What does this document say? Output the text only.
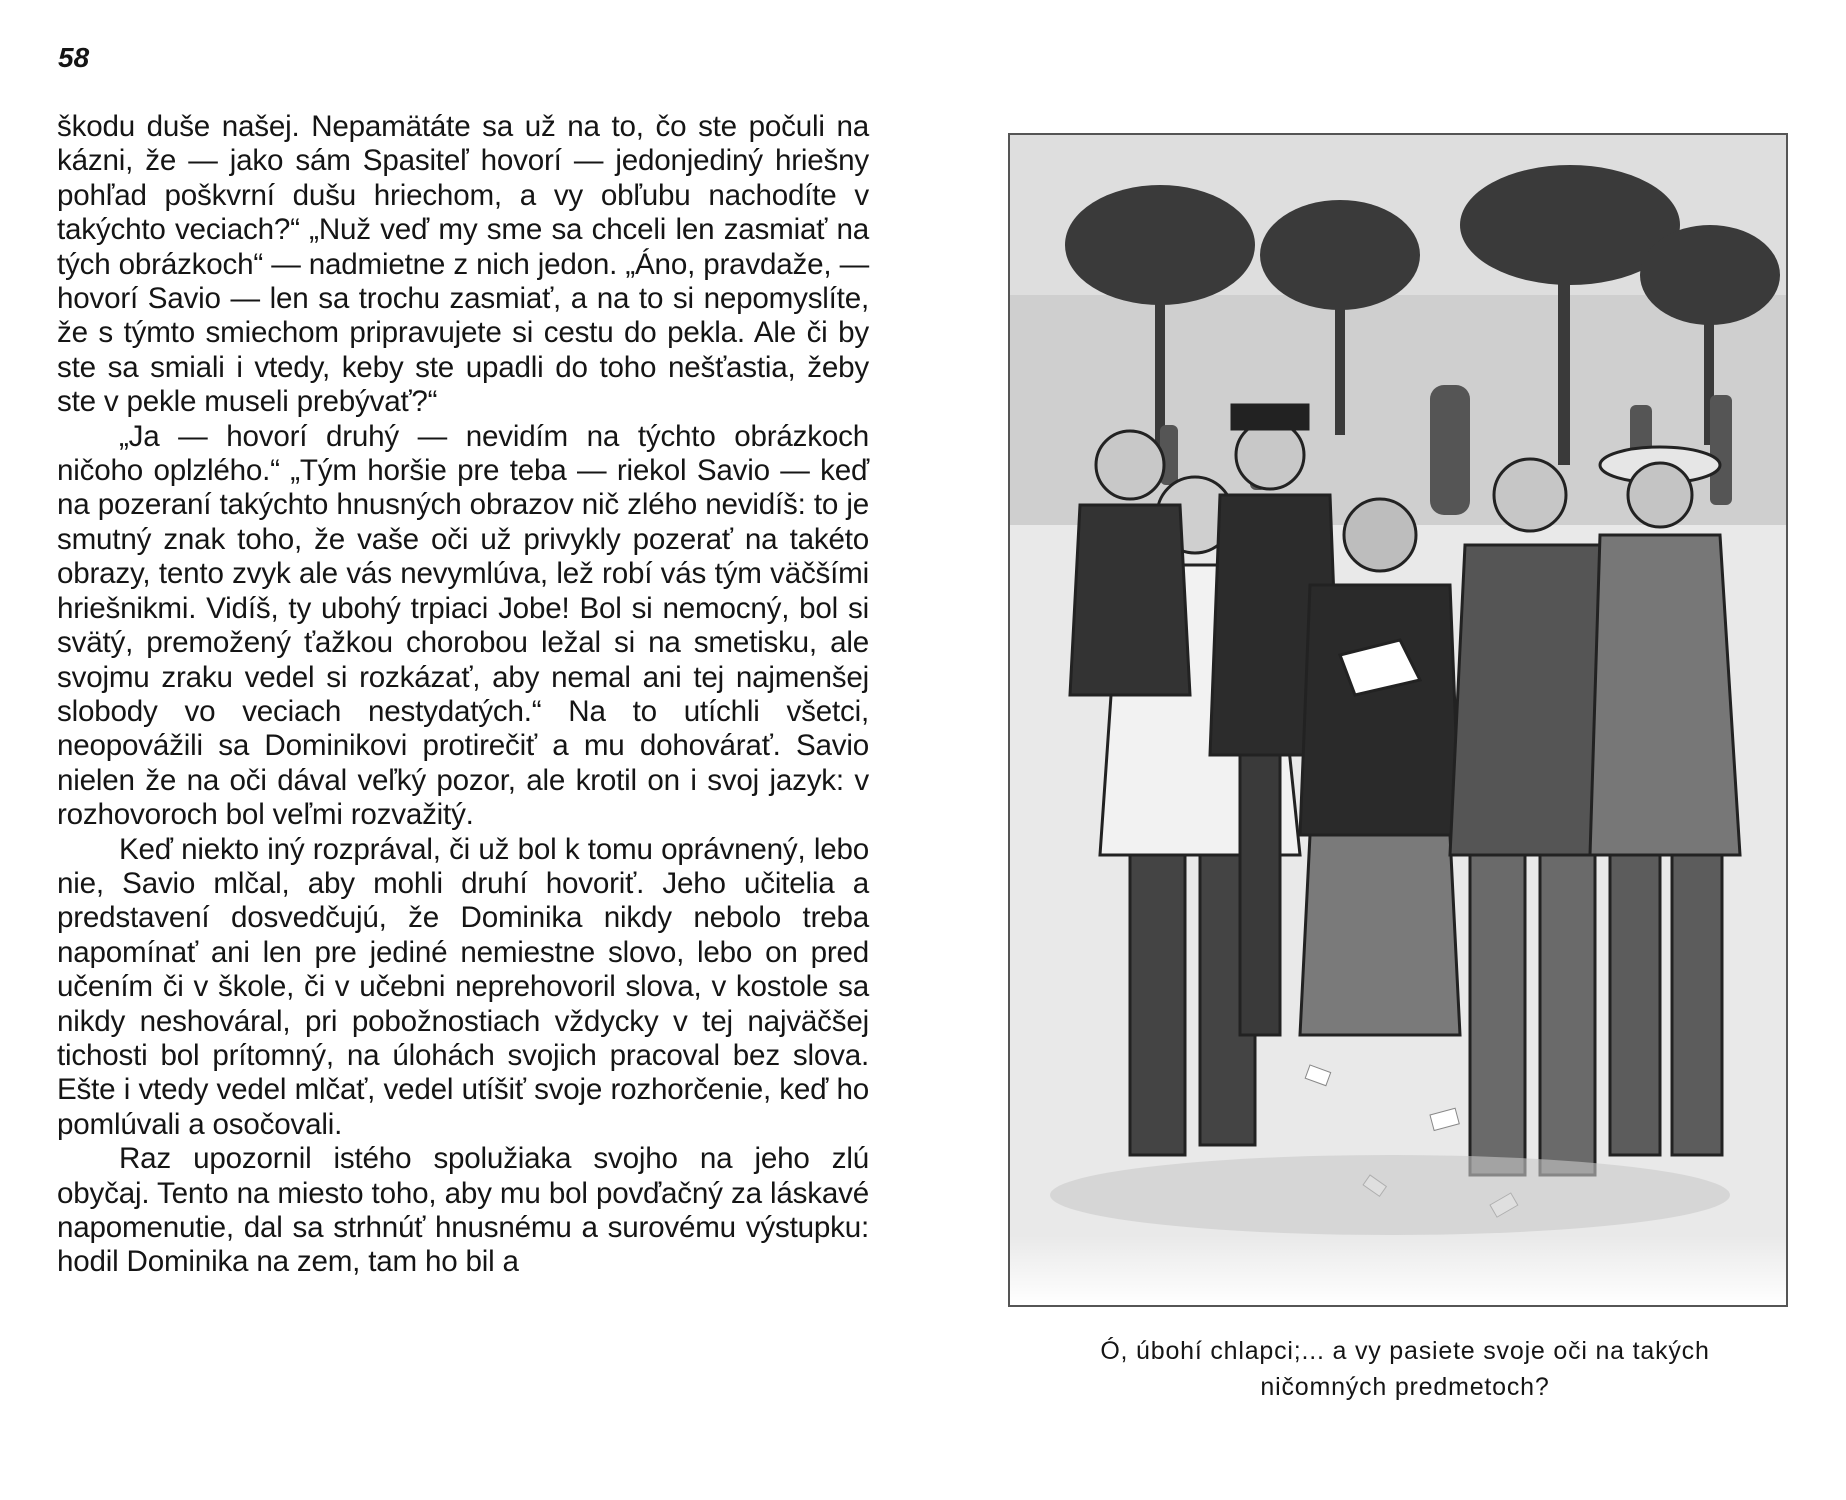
58

škodu duše našej. Nepamätáte sa už na to, čo ste počuli na kázni, že — jako sám Spasiteľ hovorí — jedonjediný hriešny pohľad poškvrní dušu hriechom, a vy obľubu nachodíte v takýchto veciach?“ „Nuž veď my sme sa chceli len zasmiať na tých obrázkoch“ — nadmietne z nich jedon. „Áno, pravdaže, — hovorí Savio — len sa trochu zasmiať, a na to si nepomyslíte, že s týmto smiechom pripravujete si cestu do pekla. Ale či by ste sa smiali i vtedy, keby ste upadli do toho nešťastia, žeby ste v pekle museli prebývať?“

„Ja — hovorí druhý — nevidím na týchto obrázkoch ničoho oplzlého.“ „Tým horšie pre teba — riekol Savio — keď na pozeraní takýchto hnusných obrazov nič zlého nevidíš: to je smutný znak toho, že vaše oči už privykly pozerať na takéto obrazy, tento zvyk ale vás nevymlúva, lež robí vás tým väčšími hriešnikmi. Vidíš, ty ubohý trpiaci Jobe! Bol si nemocný, bol si svätý, premožený ťažkou chorobou ležal si na smetisku, ale svojmu zraku vedel si rozkázať, aby nemal ani tej najmenšej slobody vo veciach nestydatých.“ Na to utíchli všetci, neopovážili sa Dominikovi protirečiť a mu dohovárať. Savio nielen že na oči dával veľký pozor, ale krotil on i svoj jazyk: v rozhovoroch bol veľmi rozvažitý.

Keď niekto iný rozprával, či už bol k tomu oprávnený, lebo nie, Savio mlčal, aby mohli druhí hovoriť. Jeho učitelia a predstavení dosvedčujú, že Dominika nikdy nebolo treba napomínať ani len pre jediné nemiestne slovo, lebo on pred učením či v škole, či v učebni neprehovoril slova, v kostole sa nikdy neshováral, pri pobožnostiach vždycky v tej najväčšej tichosti bol prítomný, na úlohách svojich pracoval bez slova. Ešte i vtedy vedel mlčať, vedel utíšiť svoje rozhorčenie, keď ho pomlúvali a osočovali.

Raz upozornil istého spolužiaka svojho na jeho zlú obyčaj. Tento na miesto toho, aby mu bol povďačný za láskavé napomenutie, dal sa strhnúť hnusnému a surovému výstupku: hodil Dominika na zem, tam ho bil a

Ó, úbohí chlapci;... a vy pasiete svoje oči na takých
ničomných predmetoch?
